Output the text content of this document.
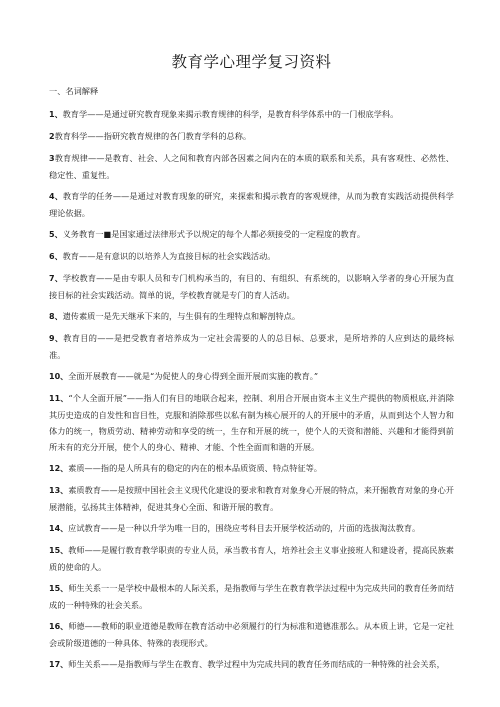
教育学心理学复习资料
一、名词解释

1、教育学——是通过研究教育现象来揭示教育规律的科学，是教育科学体系中的一门根底学科。

2教育科学——指研究教育规律的各门教育学科的总称。

3教育规律——是教育、社会、人之间和教育内部各因素之间内在的本质的联系和关系，具有客观性、必然性、稳定性、重复性。

4、教育学的任务——是通过对教育现象的研究，来探索和揭示教育的客观规律，从而为教育实践活动提供科学理论依据。

5、义务教育一■是国家通过法律形式予以规定的每个人都必须接受的一定程度的教育。

6、教育——是有意识的以培养人为直接目标的社会实践活动。

7、学校教育——是由专职人员和专门机构承当的，有目的、有组织、有系统的，以影响入学者的身心开展为直接目标的社会实践活动。简单的说，学校教育就是专门的育人活动。

8、遗传素质一是先天继承下来的，与生俱有的生理特点和解剖特点。

9、教育目的——是把受教育者培养成为一定社会需要的人的总目标、总要求，是所培养的人应到达的最终标准。

10、全面开展教育——就是“为促使人的身心得到全面开展而实施的教育。”

11、“个人全面开展”——指人们有目的地联合起来，控制、利用合开展由资本主义生产提供的物质根底,并消除其历史造成的自发性和盲目性，克服和消除那些以私有制为核心展开的人的开展中的矛盾，从而到达个人智力和体力的统一，物质劳动、精神劳动和享受的统一，生存和开展的统一，使个人的天资和潜能、兴趣和才能得到前所未有的充分开展，使个人的身心、精神、才能、个性全面而和谐的开展。

12、素质——指的是人所具有的稳定的内在的根本品质资质、特点特征等。

13、素质教育——是按照中国社会主义现代化建设的要求和教育对象身心开展的特点，来开掘教育对象的身心开展潜能，弘扬其主体精神，促进其身心全面、和谐开展的教育。

14、应试教育——是一种以升学为唯一目的，围绕应考科目去开展学校活动的，片面的选拔淘汰教育。

15、教师——是履行教育教学职责的专业人员，承当教书育人，培养社会主义事业接班人和建设者，提高民族素质的使命的人。

15、师生关系一一是学校中最根本的人际关系，是指教师与学生在教育教学法过程中为完成共同的教育任务而结成的一种特殊的社会关系。

16、师德——教师的职业道德是教师在教育活动中必须履行的行为标准和道德准那么。从本质上讲，它是一定社会或阶级道德的一种具体、特殊的表现形式。

17、师生关系——是指教师与学生在教育、教学过程中为完成共同的教育任务而结成的一种特殊的社会关系，
